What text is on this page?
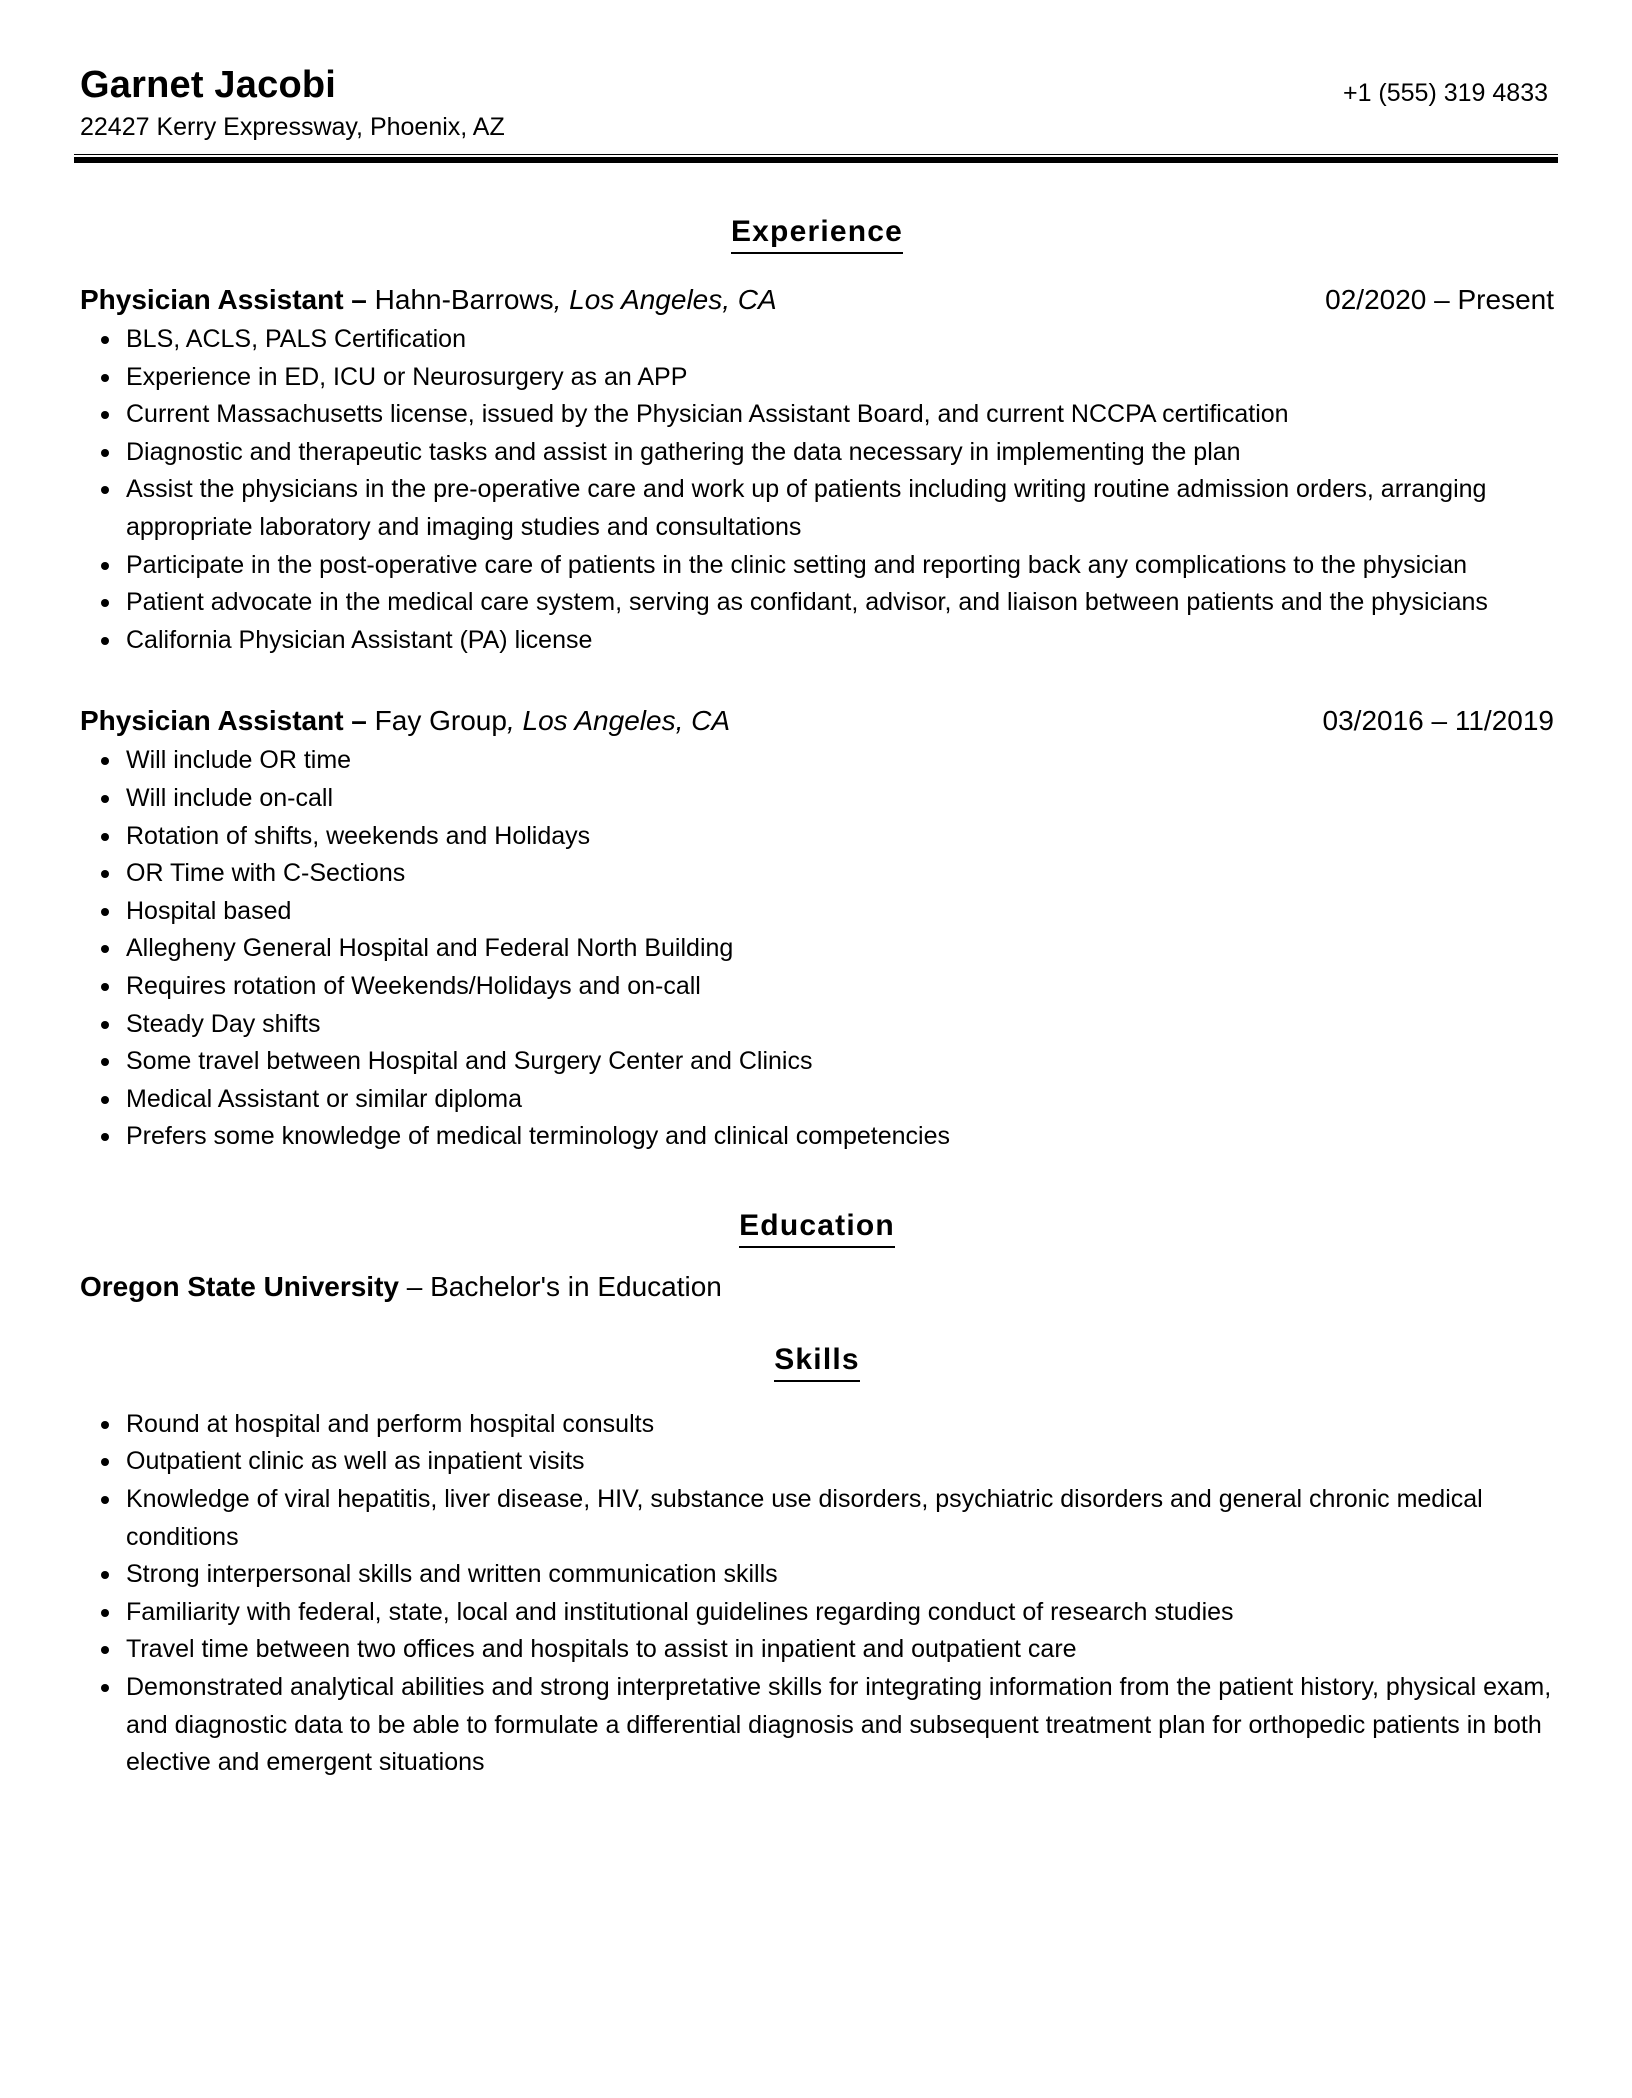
Garnet Jacobi
22427 Kerry Expressway, Phoenix, AZ
+1 (555) 319 4833
Experience
Physician Assistant – Hahn-Barrows, Los Angeles, CA	02/2020 – Present
BLS, ACLS, PALS Certification
Experience in ED, ICU or Neurosurgery as an APP
Current Massachusetts license, issued by the Physician Assistant Board, and current NCCPA certification
Diagnostic and therapeutic tasks and assist in gathering the data necessary in implementing the plan
Assist the physicians in the pre-operative care and work up of patients including writing routine admission orders, arranging appropriate laboratory and imaging studies and consultations
Participate in the post-operative care of patients in the clinic setting and reporting back any complications to the physician
Patient advocate in the medical care system, serving as confidant, advisor, and liaison between patients and the physicians
California Physician Assistant (PA) license
Physician Assistant – Fay Group, Los Angeles, CA	03/2016 – 11/2019
Will include OR time
Will include on-call
Rotation of shifts, weekends and Holidays
OR Time with C-Sections
Hospital based
Allegheny General Hospital and Federal North Building
Requires rotation of Weekends/Holidays and on-call
Steady Day shifts
Some travel between Hospital and Surgery Center and Clinics
Medical Assistant or similar diploma
Prefers some knowledge of medical terminology and clinical competencies
Education
Oregon State University – Bachelor's in Education
Skills
Round at hospital and perform hospital consults
Outpatient clinic as well as inpatient visits
Knowledge of viral hepatitis, liver disease, HIV, substance use disorders, psychiatric disorders and general chronic medical conditions
Strong interpersonal skills and written communication skills
Familiarity with federal, state, local and institutional guidelines regarding conduct of research studies
Travel time between two offices and hospitals to assist in inpatient and outpatient care
Demonstrated analytical abilities and strong interpretative skills for integrating information from the patient history, physical exam, and diagnostic data to be able to formulate a differential diagnosis and subsequent treatment plan for orthopedic patients in both elective and emergent situations
